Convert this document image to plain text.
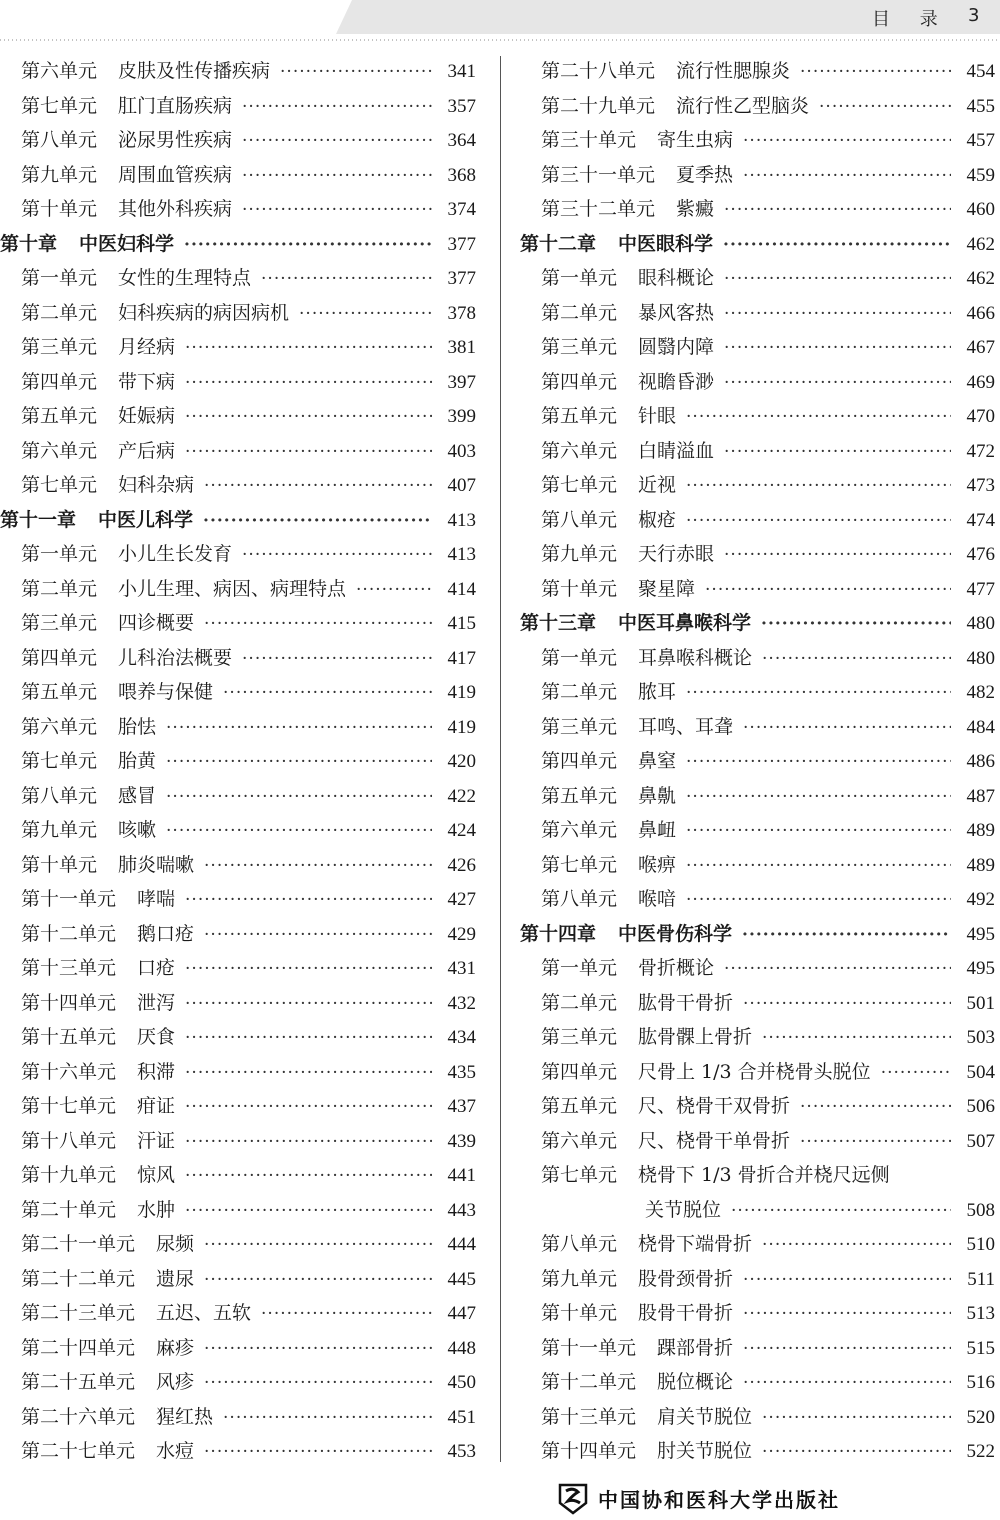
目 录 3
第六单元 皮肤及性传播疾病 ·····	341
第七单元 肛门直肠疾病 ·····	357
第八单元 泌尿男性疾病 ·····	364
第九单元 周围血管疾病 ·····	368
第十单元 其他外科疾病 ·····	374
第十章 中医妇科学 ·····	377
第一单元 女性的生理特点 ·····	377
第二单元 妇科疾病的病因病机 ·····	378
第三单元 月经病 ·····	381
第四单元 带下病 ·····	397
第五单元 妊娠病 ·····	399
第六单元 产后病 ·····	403
第七单元 妇科杂病 ·····	407
第十一章 中医儿科学 ·····	413
第一单元 小儿生长发育 ·····	413
第二单元 小儿生理、病因、病理特点 ·····	414
第三单元 四诊概要 ·····	415
第四单元 儿科治法概要 ·····	417
第五单元 喂养与保健 ·····	419
第六单元 胎怯 ·····	419
第七单元 胎黄 ·····	420
第八单元 感冒 ·····	422
第九单元 咳嗽 ·····	424
第十单元 肺炎喘嗽 ·····	426
第十一单元 哮喘 ·····	427
第十二单元 鹅口疮 ·····	429
第十三单元 口疮 ·····	431
第十四单元 泄泻 ·····	432
第十五单元 厌食 ·····	434
第十六单元 积滞 ·····	435
第十七单元 疳证 ·····	437
第十八单元 汗证 ·····	439
第十九单元 惊风 ·····	441
第二十单元 水肿 ·····	443
第二十一单元 尿频 ·····	444
第二十二单元 遗尿 ·····	445
第二十三单元 五迟、五软 ·····	447
第二十四单元 麻疹 ·····	448
第二十五单元 风疹 ·····	450
第二十六单元 猩红热 ·····	451
第二十七单元 水痘 ·····	453
第二十八单元 流行性腮腺炎 ·····	454
第二十九单元 流行性乙型脑炎 ·····	455
第三十单元 寄生虫病 ·····	457
第三十一单元 夏季热 ·····	459
第三十二单元 紫癜 ·····	460
第十二章 中医眼科学 ·····	462
第一单元 眼科概论 ·····	462
第二单元 暴风客热 ·····	466
第三单元 圆翳内障 ·····	467
第四单元 视瞻昏渺 ·····	469
第五单元 针眼 ·····	470
第六单元 白睛溢血 ·····	472
第七单元 近视 ·····	473
第八单元 椒疮 ·····	474
第九单元 天行赤眼 ·····	476
第十单元 聚星障 ·····	477
第十三章 中医耳鼻喉科学 ·····	480
第一单元 耳鼻喉科概论 ·····	480
第二单元 脓耳 ·····	482
第三单元 耳鸣、耳聋 ·····	484
第四单元 鼻窒 ·····	486
第五单元 鼻鼽 ·····	487
第六单元 鼻衄 ·····	489
第七单元 喉痹 ·····	489
第八单元 喉喑 ·····	492
第十四章 中医骨伤科学 ·····	495
第一单元 骨折概论 ·····	495
第二单元 肱骨干骨折 ·····	501
第三单元 肱骨髁上骨折 ·····	503
第四单元 尺骨上 1/3 合并桡骨头脱位 ·····	504
第五单元 尺、桡骨干双骨折 ·····	506
第六单元 尺、桡骨干单骨折 ·····	507
第七单元 桡骨下 1/3 骨折合并桡尺远侧
关节脱位 ·····	508
第八单元 桡骨下端骨折 ·····	510
第九单元 股骨颈骨折 ·····	511
第十单元 股骨干骨折 ·····	513
第十一单元 踝部骨折 ·····	515
第十二单元 脱位概论 ·····	516
第十三单元 肩关节脱位 ·····	520
第十四单元 肘关节脱位 ·····	522
中国协和医科大学出版社
